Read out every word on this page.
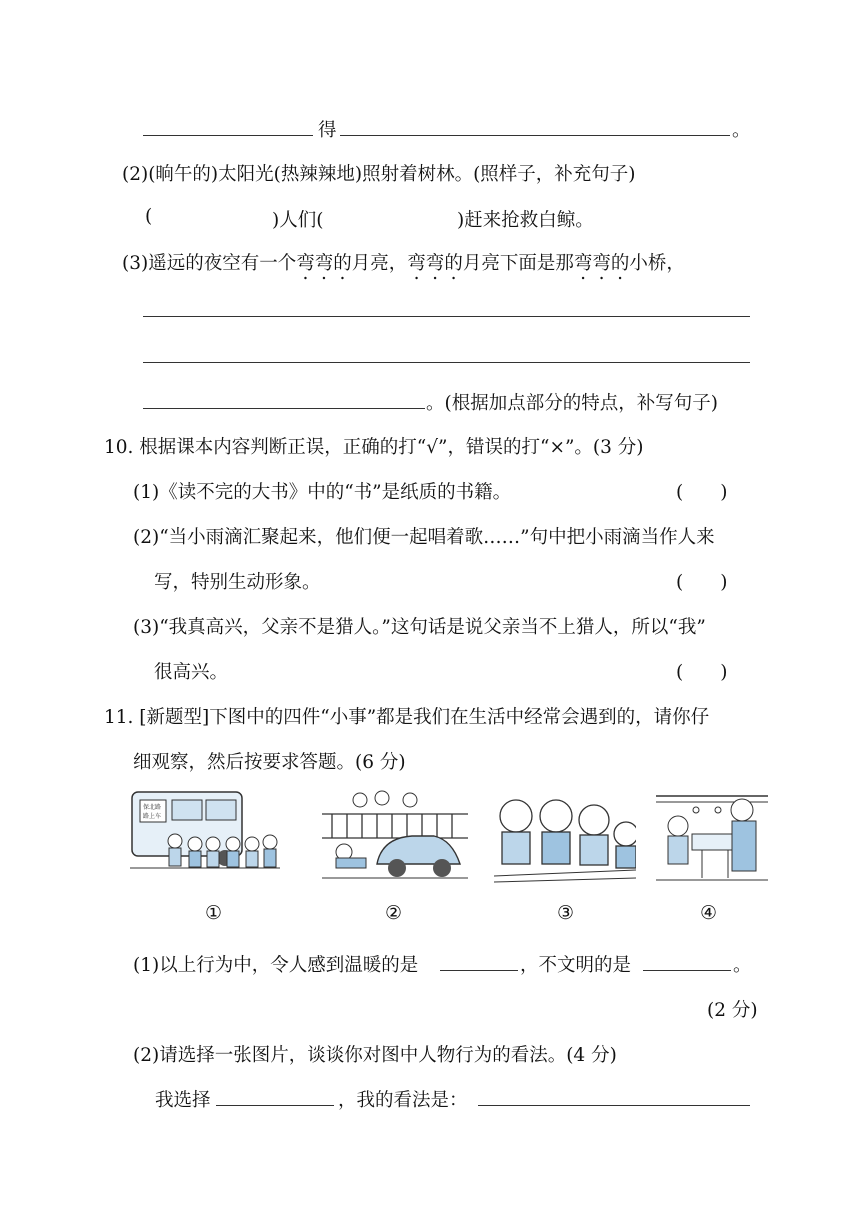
得	。
(2)(晌午的)太阳光(热辣辣地)照射着树林。(照样子，补充句子)
(	)人们(	)赶来抢救白鲸。
(3)遥远的夜空有一个弯弯的月亮，弯弯的月亮下面是那弯弯的小桥，
。(根据加点部分的特点，补写句子)
10. 根据课本内容判断正误，正确的打“√”，错误的打“×”。(3 分)
(1)《读不完的大书》中的“书”是纸质的书籍。	(　　)
(2)“当小雨滴汇聚起来，他们便一起唱着歌……”句中把小雨滴当作人来
写，特别生动形象。	(　　)
(3)“我真高兴，父亲不是猎人。”这句话是说父亲当不上猎人，所以“我”
很高兴。	(　　)
11. [新题型]下图中的四件“小事”都是我们在生活中经常会遇到的，请你仔
细观察，然后按要求答题。(6 分)
保北路
路上车
①	②	③	④
(1)以上行为中，令人感到温暖的是	，不文明的是	。
(2 分)
(2)请选择一张图片，谈谈你对图中人物行为的看法。(4 分)
我选择	，我的看法是：
